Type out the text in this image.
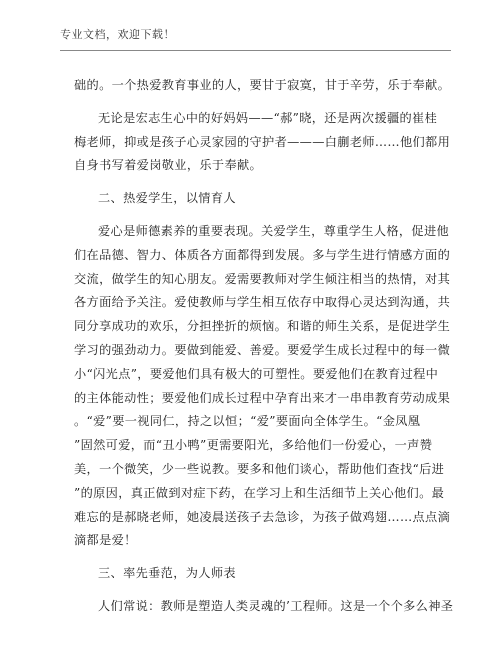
专业文档，欢迎下载！
础的。一个热爱教育事业的人，要甘于寂寞，甘于辛劳，乐于奉献。
无论是宏志生心中的好妈妈——“郝”晓，还是两次援疆的崔桂
梅老师，抑或是孩子心灵家园的守护者———白蒯老师……他们都用
自身书写着爱岗敬业，乐于奉献。
二、热爱学生，以情育人
爱心是师德素养的重要表现。关爱学生，尊重学生人格，促进他
们在品德、智力、体质各方面都得到发展。多与学生进行情感方面的
交流，做学生的知心朋友。爱需要教师对学生倾注相当的热情，对其
各方面给予关注。爱使教师与学生相互依存中取得心灵达到沟通，共
同分享成功的欢乐，分担挫折的烦恼。和谐的师生关系，是促进学生
学习的强劲动力。要做到能爱、善爱。要爱学生成长过程中的每一微
小“闪光点”，要爱他们具有极大的可塑性。要爱他们在教育过程中
的主体能动性；要爱他们成长过程中孕育出来才一串串教育劳动成果
。“爱”要一视同仁，持之以恒；“爱”要面向全体学生。“金凤凰
”固然可爱，而“丑小鸭”更需要阳光，多给他们一份爱心，一声赞
美，一个微笑，少一些说教。要多和他们谈心，帮助他们查找“后进
”的原因，真正做到对症下药，在学习上和生活细节上关心他们。最
难忘的是郝晓老师，她凌晨送孩子去急诊，为孩子做鸡翅……点点滴
滴都是爱！
三、率先垂范，为人师表
人们常说：教师是塑造人类灵魂的’工程师。这是一个个多么神圣
